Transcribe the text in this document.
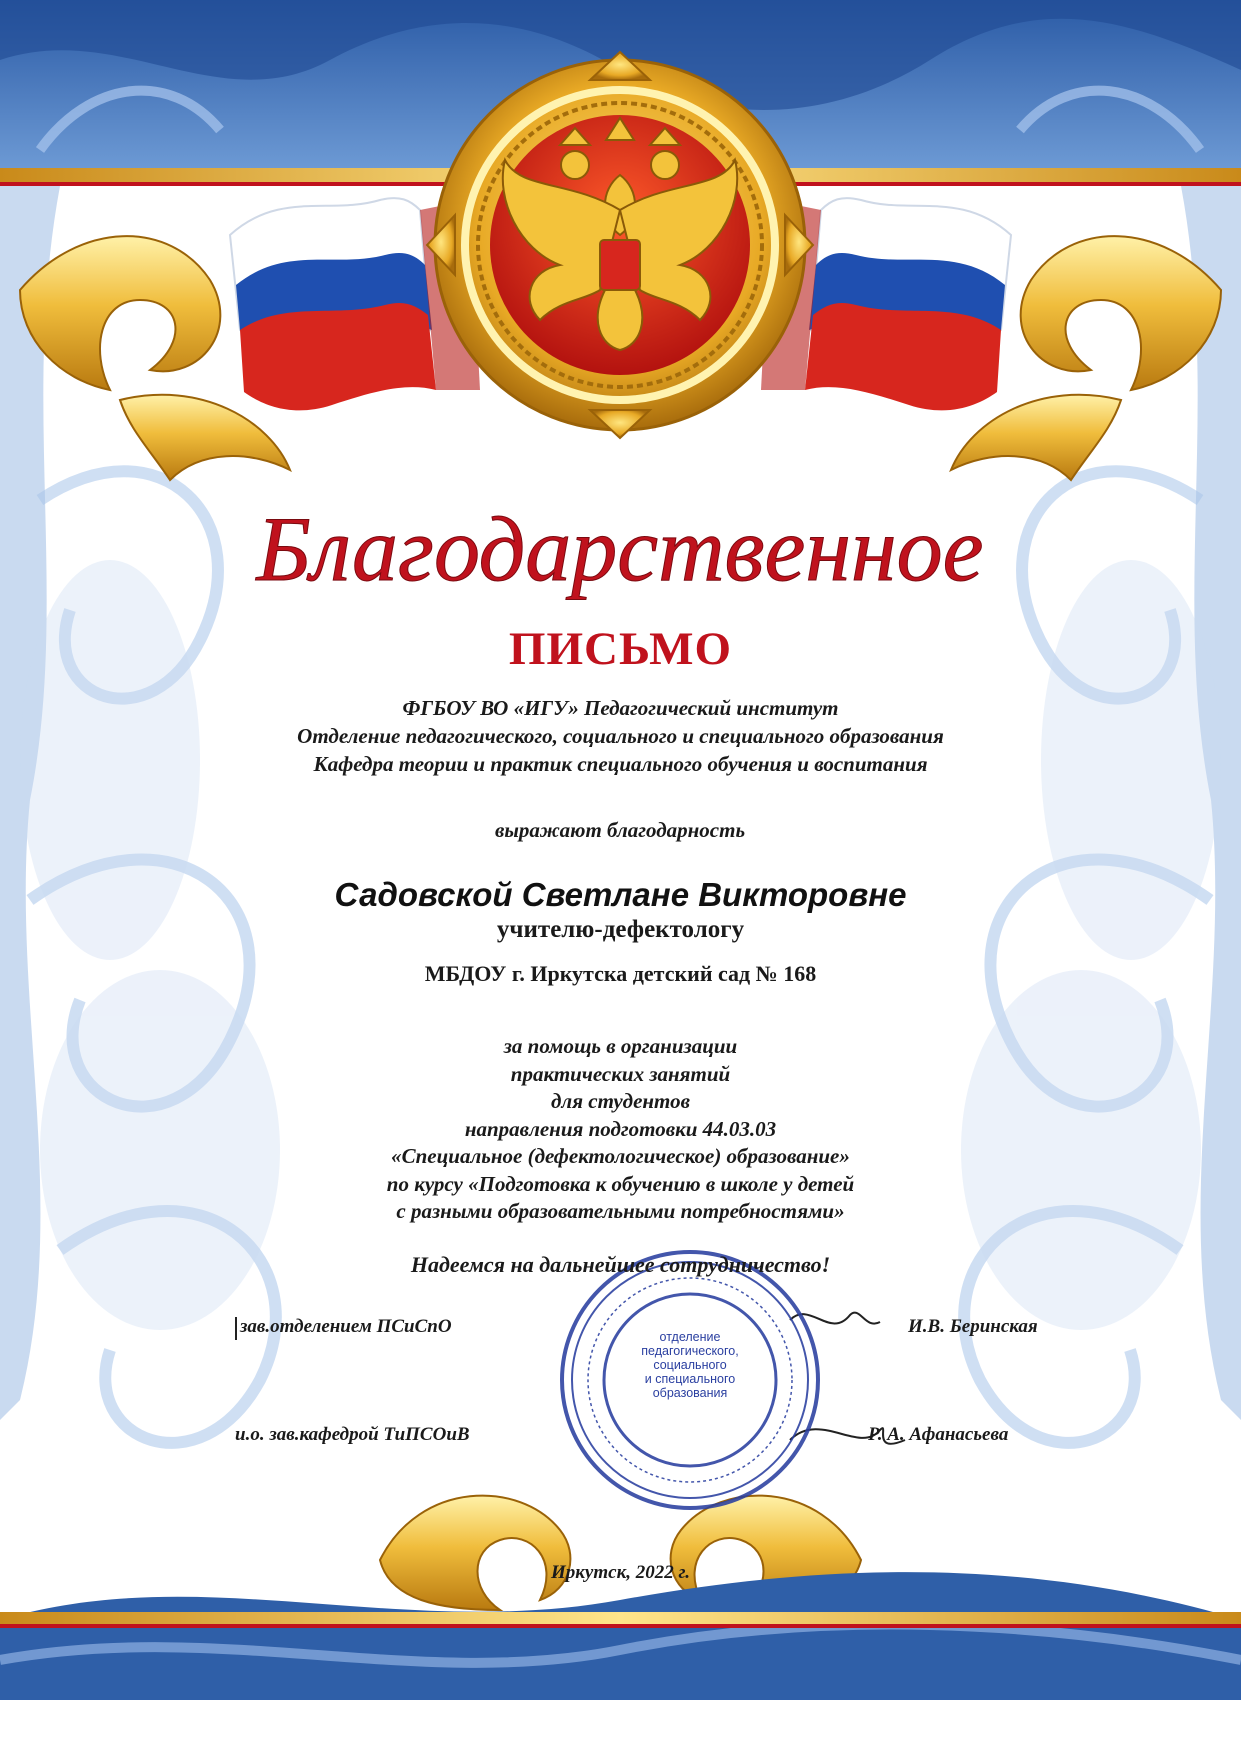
Благодарственное
ПИСЬМО
ФГБОУ ВО «ИГУ» Педагогический институт
Отделение педагогического, социального и специального образования
Кафедра теории и практик специального обучения и воспитания
выражают благодарность
Садовской Светлане Викторовне
учителю-дефектологу
МБДОУ г. Иркутска детский сад № 168
за помощь в организации
практических занятий
для студентов
направления подготовки 44.03.03
«Специальное (дефектологическое) образование»
по курсу «Подготовка к обучению в школе у детей
с разными образовательными потребностями»
Надеемся на дальнейшее сотрудничество!
зав.отделением ПСиСпО	И.В. Беринская
и.о. зав.кафедрой ТиПСОиВ	Р. А. Афанасьева
отделение
педагогического,
социального
и специального
образования
Иркутск, 2022 г.
